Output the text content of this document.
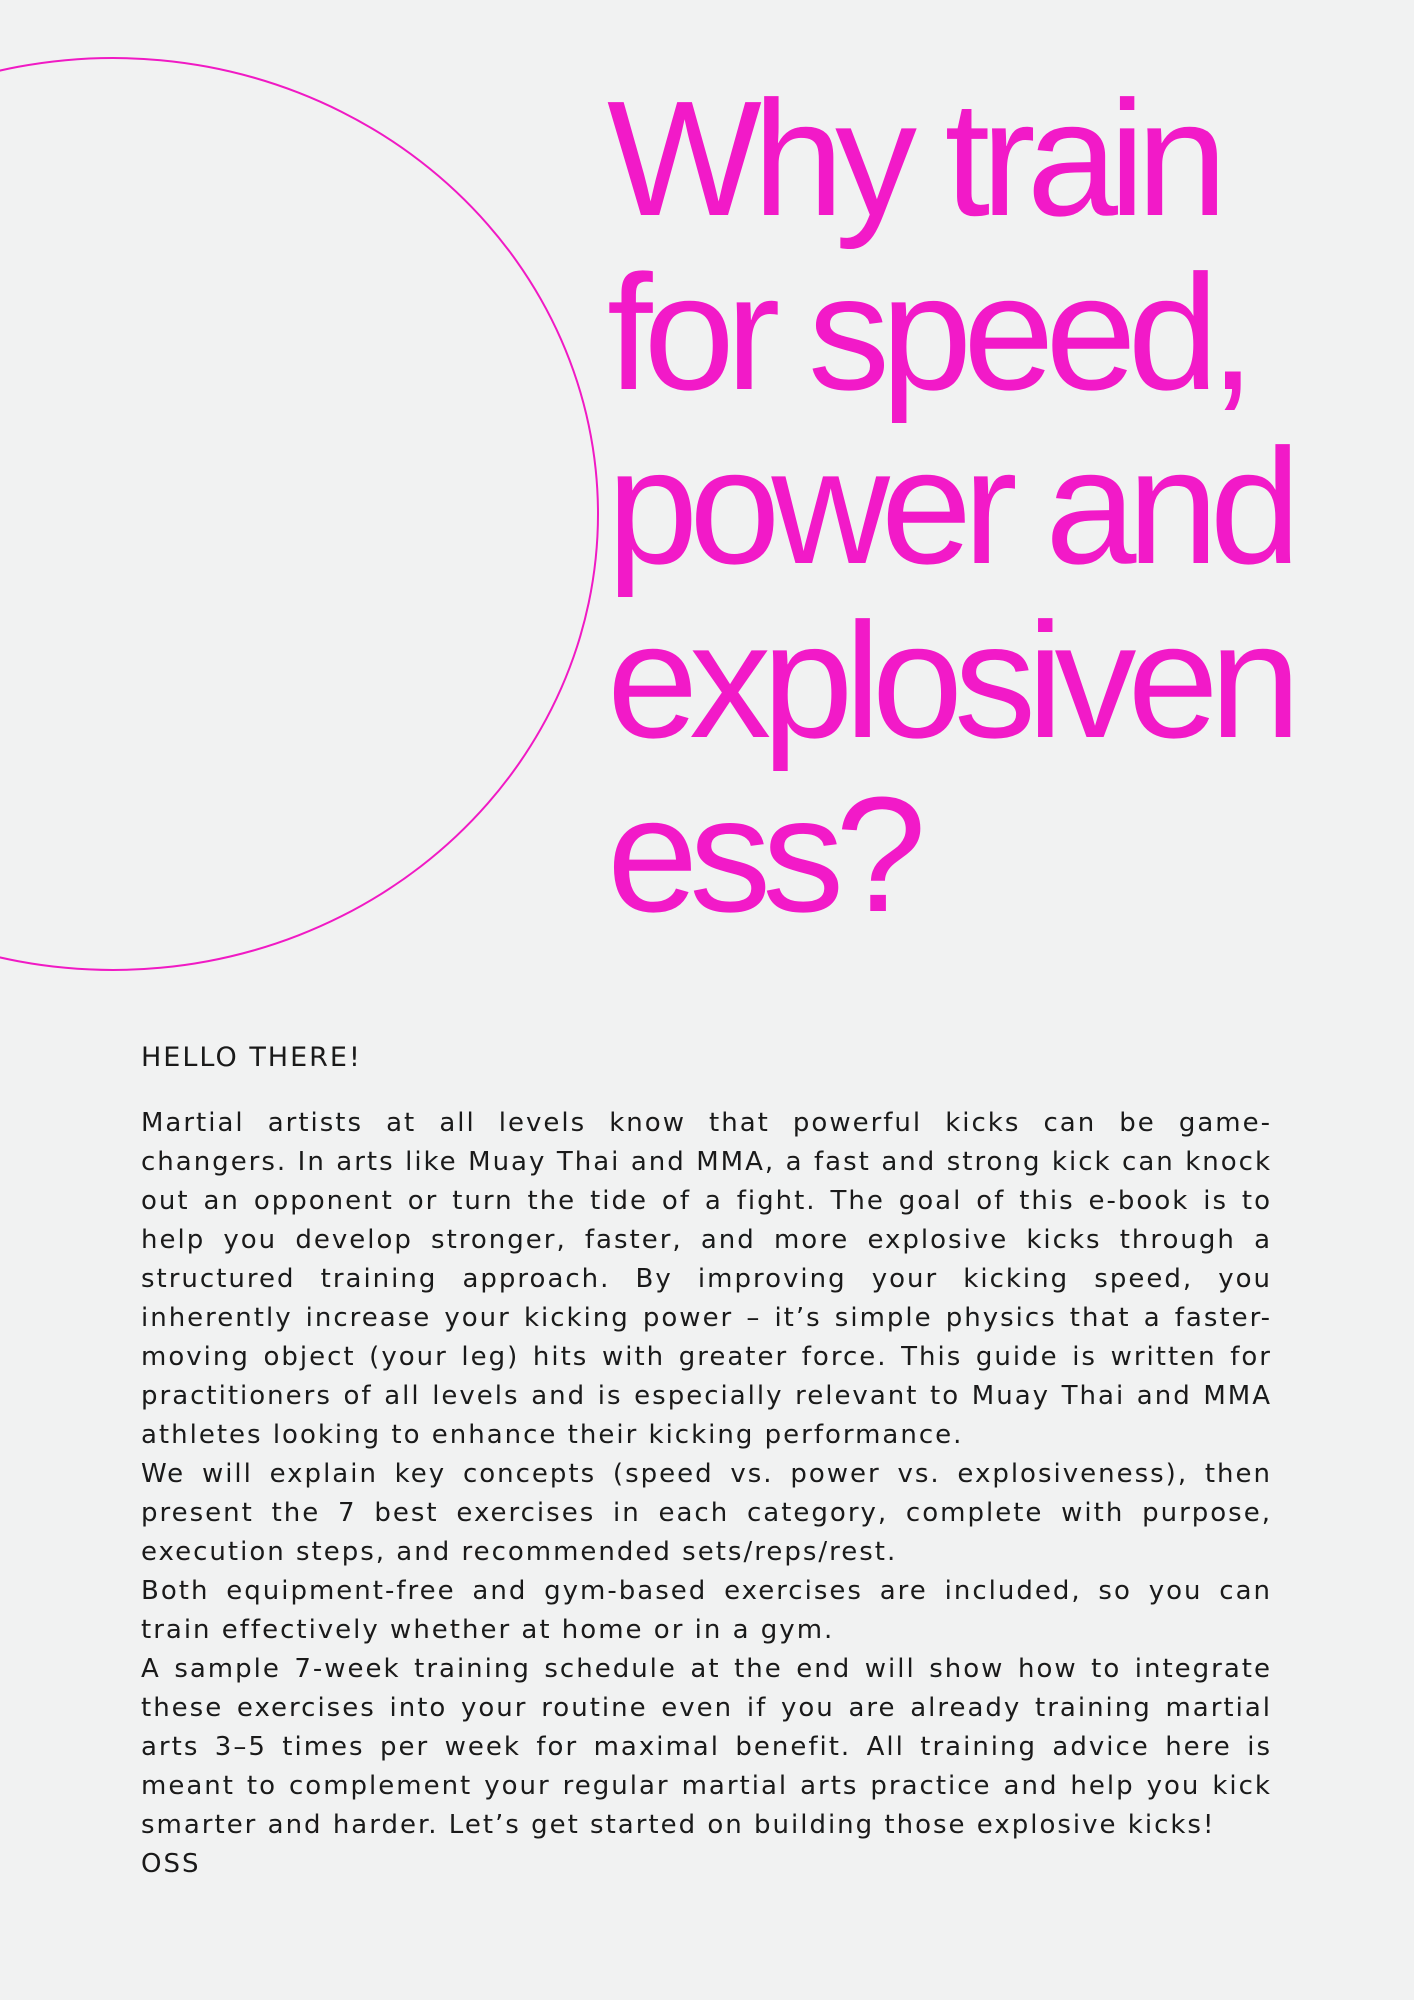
Why train
for speed,
power and
explosiven
ess?
HELLO THERE!

Martial artists at all levels know that powerful kicks can be game-changers. In arts like Muay Thai and MMA, a fast and strong kick can knock out an opponent or turn the tide of a fight. The goal of this e-book is to help you develop stronger, faster, and more explosive kicks through a structured training approach. By improving your kicking speed, you inherently increase your kicking power – it’s simple physics that a faster-moving object (your leg) hits with greater force. This guide is written for practitioners of all levels and is especially relevant to Muay Thai and MMA athletes looking to enhance their kicking performance.

We will explain key concepts (speed vs. power vs. explosiveness), then present the 7 best exercises in each category, complete with purpose, execution steps, and recommended sets/reps/rest.

Both equipment-free and gym-based exercises are included, so you can train effectively whether at home or in a gym.

A sample 7-week training schedule at the end will show how to integrate these exercises into your routine even if you are already training martial arts 3–5 times per week for maximal benefit. All training advice here is meant to complement your regular martial arts practice and help you kick smarter and harder. Let’s get started on building those explosive kicks!

OSS
